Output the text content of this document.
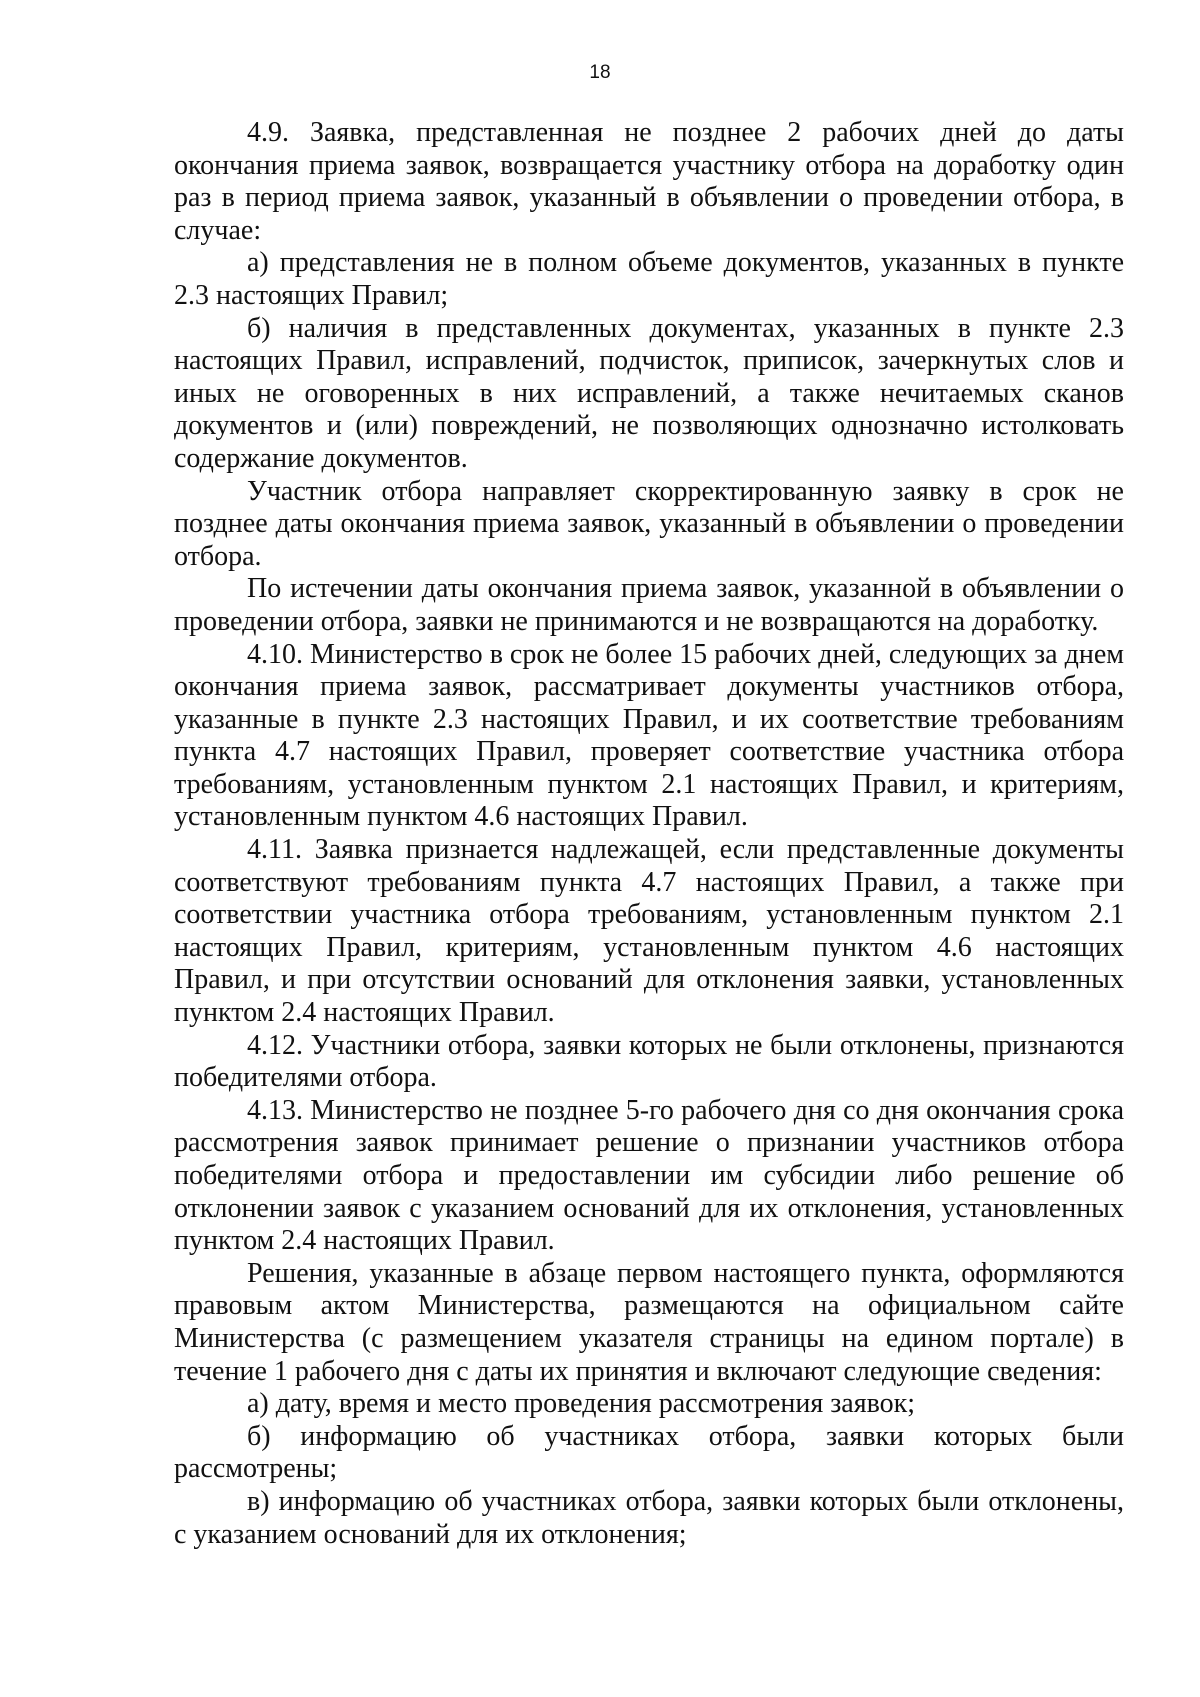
18

4.9. Заявка, представленная не позднее 2 рабочих дней до даты окончания приема заявок, возвращается участнику отбора на доработку один раз в период приема заявок, указанный в объявлении о проведении отбора, в случае:

а) представления не в полном объеме документов, указанных в пункте 2.3 настоящих Правил;

б) наличия в представленных документах, указанных в пункте 2.3 настоящих Правил, исправлений, подчисток, приписок, зачеркнутых слов и иных не оговоренных в них исправлений, а также нечитаемых сканов документов и (или) повреждений, не позволяющих однозначно истолковать содержание документов.

Участник отбора направляет скорректированную заявку в срок не позднее даты окончания приема заявок, указанный в объявлении о проведении отбора.

По истечении даты окончания приема заявок, указанной в объявлении о проведении отбора, заявки не принимаются и не возвращаются на доработку.

4.10. Министерство в срок не более 15 рабочих дней, следующих за днем окончания приема заявок, рассматривает документы участников отбора, указанные в пункте 2.3 настоящих Правил, и их соответствие требованиям пункта 4.7 настоящих Правил, проверяет соответствие участника отбора требованиям, установленным пунктом 2.1 настоящих Правил, и критериям, установленным пунктом 4.6 настоящих Правил.

4.11. Заявка признается надлежащей, если представленные документы соответствуют требованиям пункта 4.7 настоящих Правил, а также при соответствии участника отбора требованиям, установленным пунктом 2.1 настоящих Правил, критериям, установленным пунктом 4.6 настоящих Правил, и при отсутствии оснований для отклонения заявки, установленных пунктом 2.4 настоящих Правил.

4.12. Участники отбора, заявки которых не были отклонены, признаются победителями отбора.

4.13. Министерство не позднее 5-го рабочего дня со дня окончания срока рассмотрения заявок принимает решение о признании участников отбора победителями отбора и предоставлении им субсидии либо решение об отклонении заявок с указанием оснований для их отклонения, установленных пунктом 2.4 настоящих Правил.

Решения, указанные в абзаце первом настоящего пункта, оформляются правовым актом Министерства, размещаются на официальном сайте Министерства (с размещением указателя страницы на едином портале) в течение 1 рабочего дня с даты их принятия и включают следующие сведения:

а) дату, время и место проведения рассмотрения заявок;

б) информацию об участниках отбора, заявки которых были рассмотрены;

в) информацию об участниках отбора, заявки которых были отклонены, с указанием оснований для их отклонения;
